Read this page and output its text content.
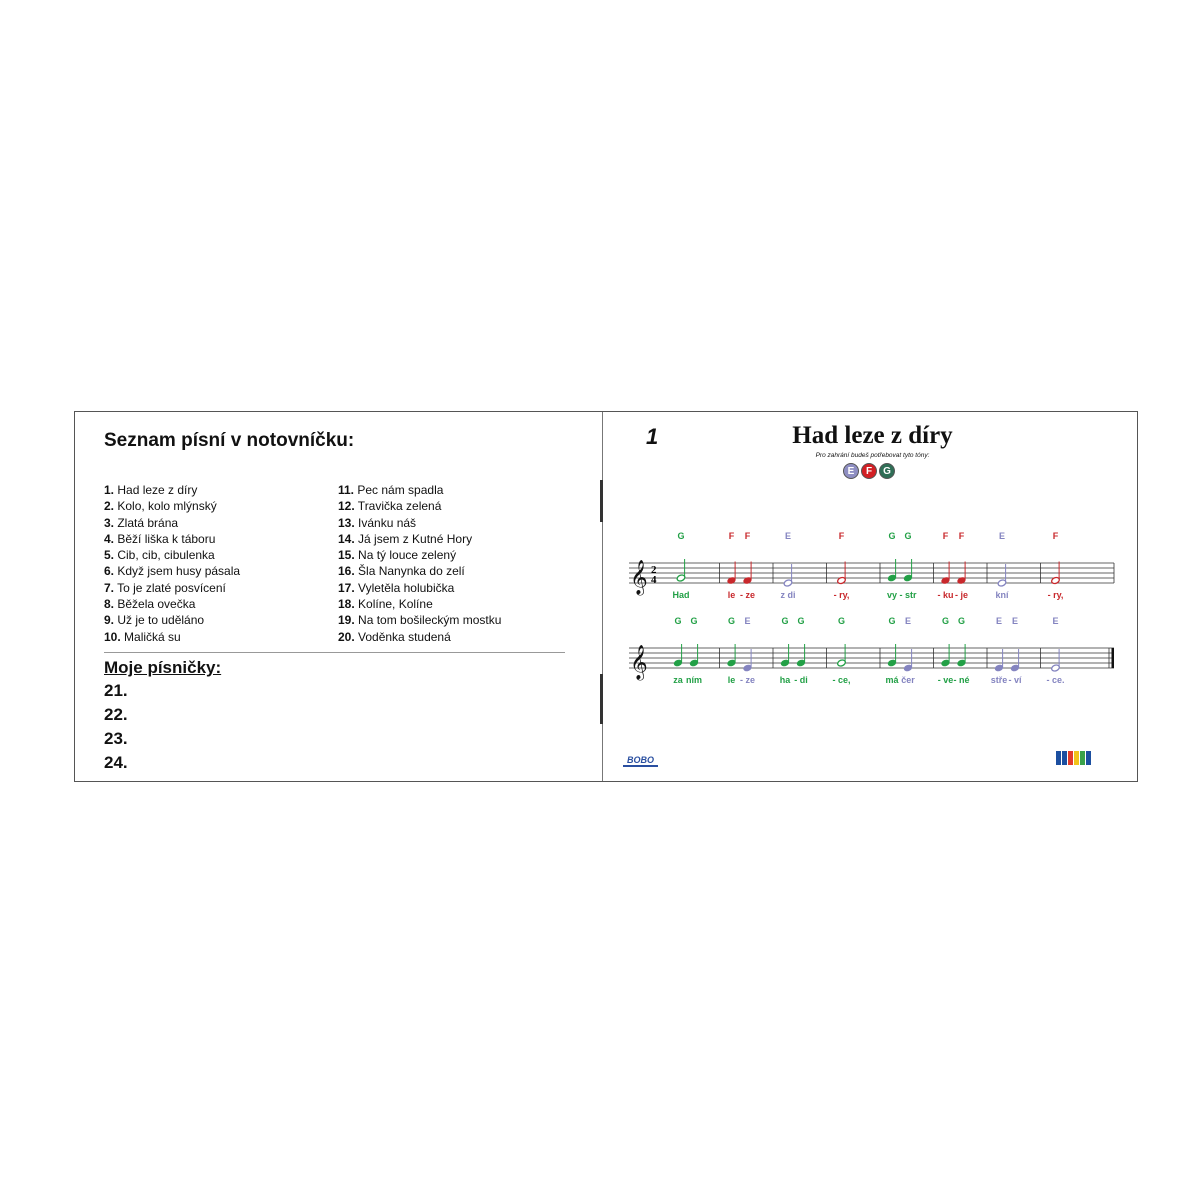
Seznam písní v notovníčku:
1. Had leze z díry
2. Kolo, kolo mlýnský
3. Zlatá brána
4. Běží liška k táboru
5. Cib, cib, cibulenka
6. Když jsem husy pásala
7. To je zlaté posvícení
8. Běžela ovečka
9. Už je to uděláno
10. Maličká su
11. Pec nám spadla
12. Travička zelená
13. Ivánku náš
14. Já jsem z Kutné Hory
15. Na tý louce zelený
16. Šla Nanynka do zelí
17. Vyletěla holubička
18. Kolíne, Kolíne
19. Na tom bošileckým mostku
20. Voděnka studená
Moje písničky:
21.
22.
23.
24.
1	Had leze z díry
Pro zahrání budeš potřebovat tyto tóny:
E	F	G
𝄞 2
4
G
Had
F
le
F
- ze
E
z di
F
- ry,
G
vy
G
- str
F
- ku
F
- je
E
kní
F
- ry,
𝄞
G
za
G
ním
G
le
E
- ze
G
ha
G
- di
G
- ce,
G
má
E
čer
G
- ve
G
- né
E
stře
E
- ví
E
- ce.
BOBO
